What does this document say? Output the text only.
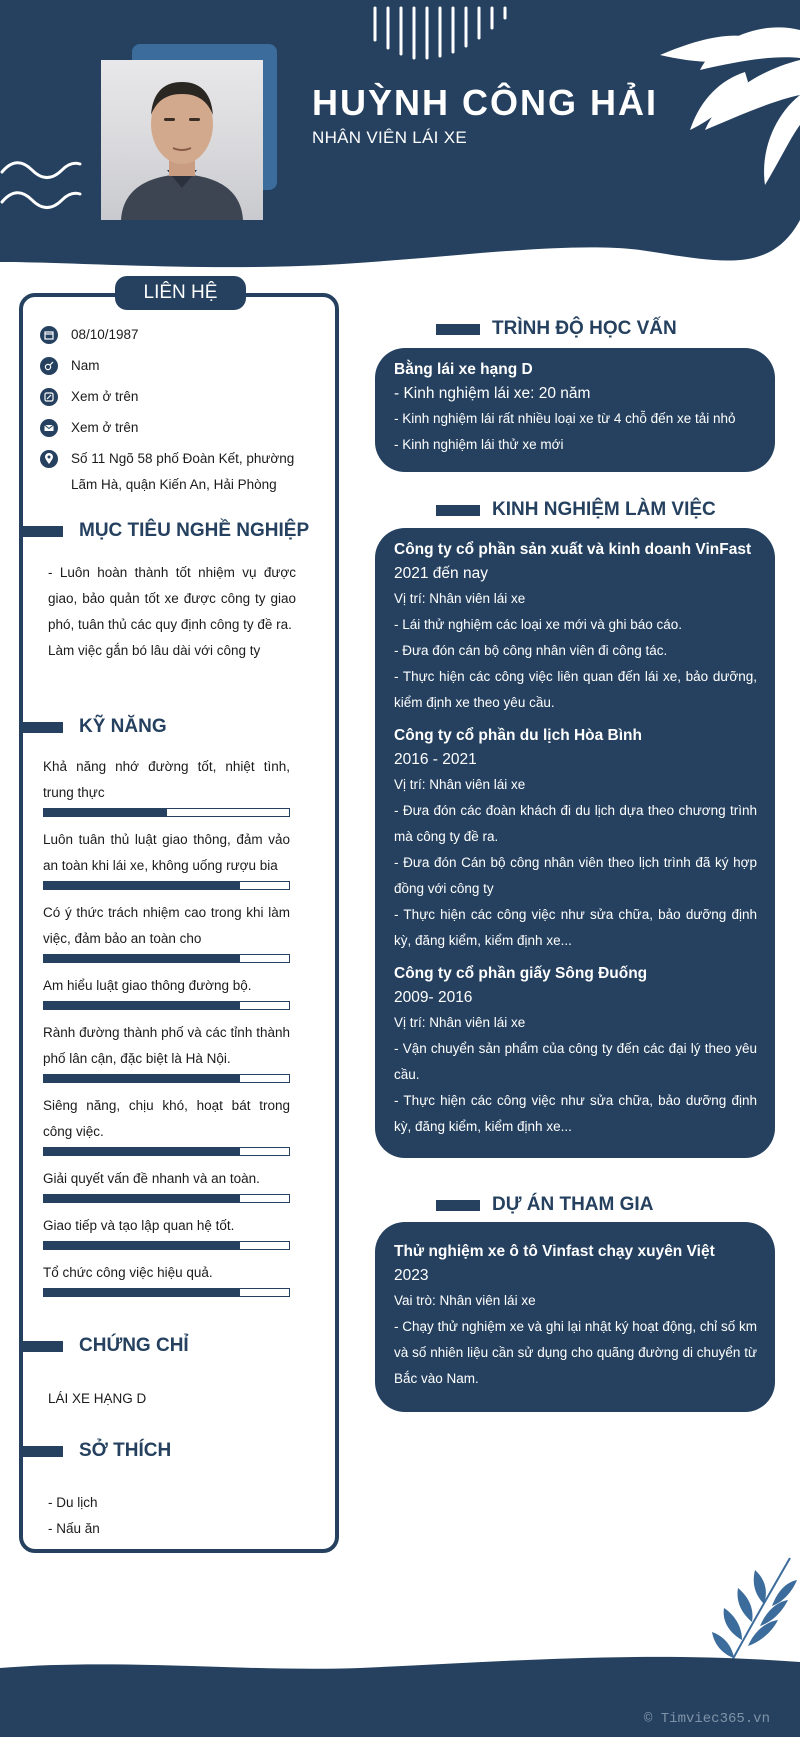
HUỲNH CÔNG HẢI
NHÂN VIÊN LÁI XE
LIÊN HỆ
08/10/1987
Nam
Xem ở trên
Xem ở trên
Số 11 Ngõ 58 phố Đoàn Kết, phường Lãm Hà, quận Kiến An, Hải Phòng
MỤC TIÊU NGHỀ NGHIỆP
- Luôn hoàn thành tốt nhiệm vụ được giao, bảo quản tốt xe được công ty giao phó, tuân thủ các quy định công ty đề ra.
Làm việc gắn bó lâu dài với công ty
KỸ NĂNG
Khả năng nhớ đường tốt, nhiệt tình, trung thực
Luôn tuân thủ luật giao thông, đảm vảo an toàn khi lái xe, không uống rượu bia
Có ý thức trách nhiệm cao trong khi làm việc, đảm bảo an toàn cho
Am hiểu luật giao thông đường bộ.
Rành đường thành phố và các tỉnh thành phố lân cận, đặc biệt là Hà Nội.
Siêng năng, chịu khó, hoạt bát trong công việc.
Giải quyết vấn đề nhanh và an toàn.
Giao tiếp và tạo lập quan hệ tốt.
Tổ chức công việc hiệu quả.
CHỨNG CHỈ
LÁI XE HẠNG D
SỞ THÍCH
- Du lịch
- Nấu ăn
TRÌNH ĐỘ HỌC VẤN
Bằng lái xe hạng D
- Kinh nghiệm lái xe: 20 năm
- Kinh nghiệm lái rất nhiều loại xe từ 4 chỗ đến xe tải nhỏ
- Kinh nghiệm lái thử xe mới
KINH NGHIỆM LÀM VIỆC
Công ty cổ phần sản xuất và kinh doanh VinFast
2021 đến nay
Vị trí: Nhân viên lái xe
- Lái thử nghiệm các loại xe mới và ghi báo cáo.
- Đưa đón cán bộ công nhân viên đi công tác.
- Thực hiện các công việc liên quan đến lái xe, bảo dưỡng, kiểm định xe theo yêu cầu.
Công ty cổ phần du lịch Hòa Bình
2016 - 2021
Vị trí: Nhân viên lái xe
- Đưa đón các đoàn khách đi du lịch dựa theo chương trình mà công ty đề ra.
- Đưa đón Cán bộ công nhân viên theo lịch trình đã ký hợp đồng với công ty
- Thực hiện các công việc như sửa chữa, bảo dưỡng định kỳ, đăng kiểm, kiểm định xe...
Công ty cổ phần giấy Sông Đuống
2009- 2016
Vị trí: Nhân viên lái xe
- Vận chuyển sản phẩm của công ty đến các đại lý theo yêu cầu.
- Thực hiện các công việc như sửa chữa, bảo dưỡng định kỳ, đăng kiểm, kiểm định xe...
DỰ ÁN THAM GIA
Thử nghiệm xe ô tô Vinfast chạy xuyên Việt
2023
Vai trò: Nhân viên lái xe
- Chạy thử nghiệm xe và ghi lại nhật ký hoạt động, chỉ số km và số nhiên liệu cần sử dụng cho quãng đường di chuyển từ Bắc vào Nam.
© Timviec365.vn
